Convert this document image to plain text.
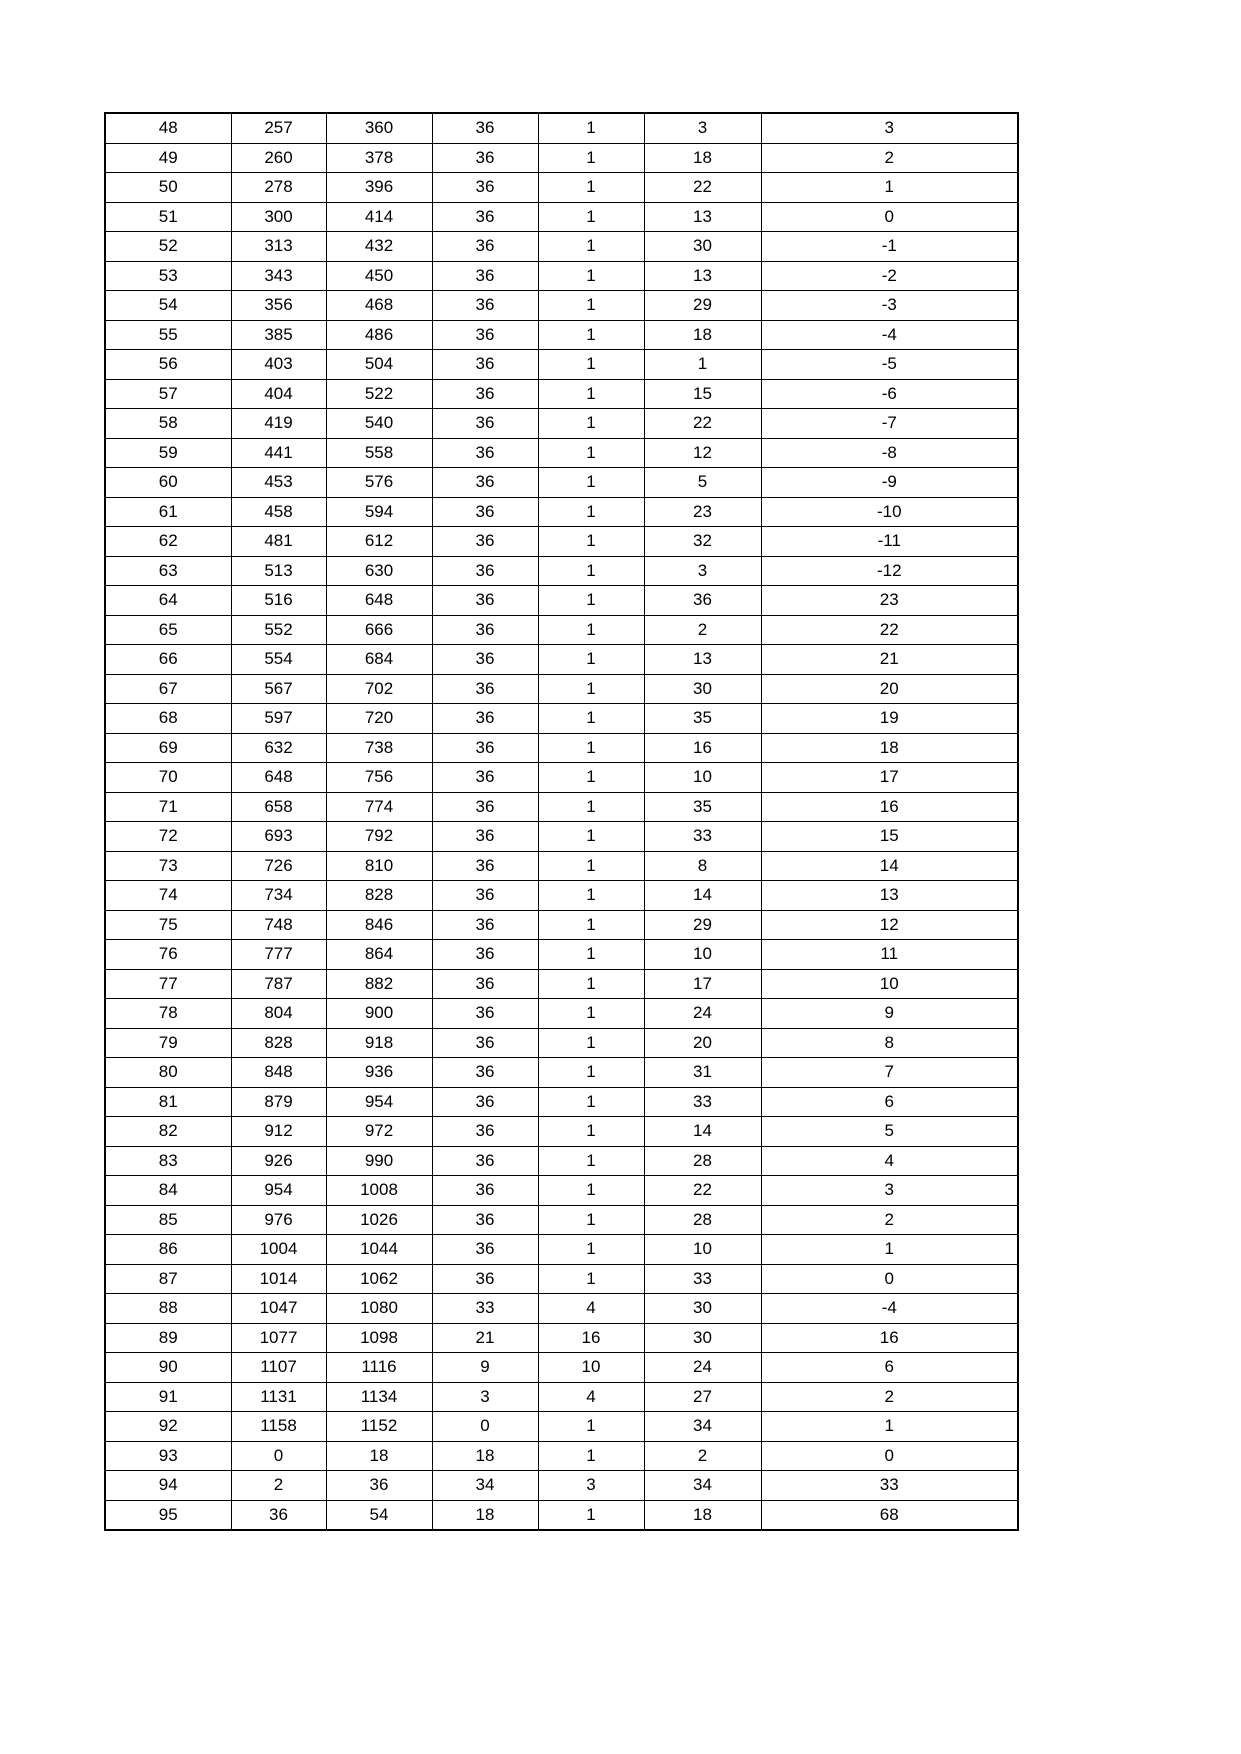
48	257	360	36	1	3	3
49	260	378	36	1	18	2
50	278	396	36	1	22	1
51	300	414	36	1	13	0
52	313	432	36	1	30	-1
53	343	450	36	1	13	-2
54	356	468	36	1	29	-3
55	385	486	36	1	18	-4
56	403	504	36	1	1	-5
57	404	522	36	1	15	-6
58	419	540	36	1	22	-7
59	441	558	36	1	12	-8
60	453	576	36	1	5	-9
61	458	594	36	1	23	-10
62	481	612	36	1	32	-11
63	513	630	36	1	3	-12
64	516	648	36	1	36	23
65	552	666	36	1	2	22
66	554	684	36	1	13	21
67	567	702	36	1	30	20
68	597	720	36	1	35	19
69	632	738	36	1	16	18
70	648	756	36	1	10	17
71	658	774	36	1	35	16
72	693	792	36	1	33	15
73	726	810	36	1	8	14
74	734	828	36	1	14	13
75	748	846	36	1	29	12
76	777	864	36	1	10	11
77	787	882	36	1	17	10
78	804	900	36	1	24	9
79	828	918	36	1	20	8
80	848	936	36	1	31	7
81	879	954	36	1	33	6
82	912	972	36	1	14	5
83	926	990	36	1	28	4
84	954	1008	36	1	22	3
85	976	1026	36	1	28	2
86	1004	1044	36	1	10	1
87	1014	1062	36	1	33	0
88	1047	1080	33	4	30	-4
89	1077	1098	21	16	30	16
90	1107	1116	9	10	24	6
91	1131	1134	3	4	27	2
92	1158	1152	0	1	34	1
93	0	18	18	1	2	0
94	2	36	34	3	34	33
95	36	54	18	1	18	68
